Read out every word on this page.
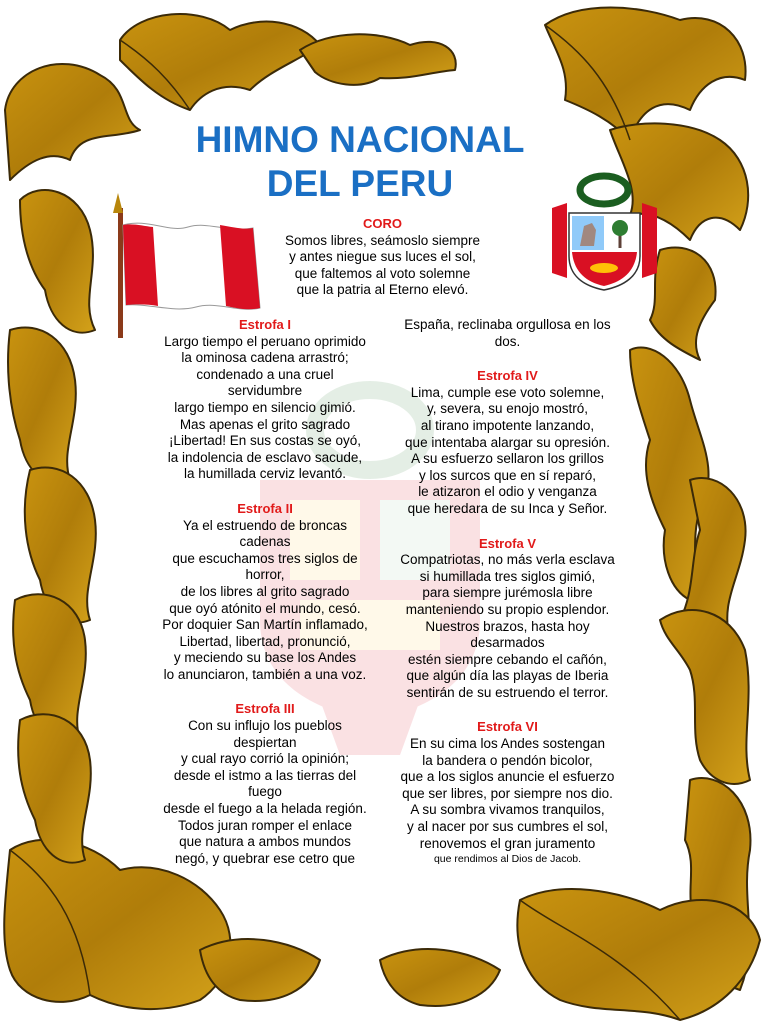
HIMNO NACIONAL
DEL PERU
CORO
Somos libres, seámoslo siempre
y antes niegue sus luces el sol,
que faltemos al voto solemne
que la patria al Eterno elevó.
Estrofa I
Largo tiempo el peruano oprimido
la ominosa cadena arrastró;
condenado a una cruel
servidumbre
largo tiempo en silencio gimió.
Mas apenas el grito sagrado
¡Libertad! En sus costas se oyó,
la indolencia de esclavo sacude,
la humillada cerviz levantó.
Estrofa II
Ya el estruendo de broncas
cadenas
que escuchamos tres siglos de
horror,
de los libres al grito sagrado
que oyó atónito el mundo, cesó.
Por doquier San Martín inflamado,
Libertad, libertad, pronunció,
y meciendo su base los Andes
lo anunciaron, también a una voz.
Estrofa III
Con su influjo los pueblos
despiertan
y cual rayo corrió la opinión;
desde el istmo a las tierras del
fuego
desde el fuego a la helada región.
Todos juran romper el enlace
que natura a ambos mundos
negó, y quebrar ese cetro que
España, reclinaba orgullosa en los
dos.
Estrofa IV
Lima, cumple ese voto solemne,
y, severa, su enojo mostró,
al tirano impotente lanzando,
que intentaba alargar su opresión.
A su esfuerzo sellaron los grillos
y los surcos que en sí reparó,
le atizaron el odio y venganza
que heredara de su Inca y Señor.
Estrofa V
Compatriotas, no más verla esclava
si humillada tres siglos gimió,
para siempre jurémosla libre
manteniendo su propio esplendor.
Nuestros brazos, hasta hoy
desarmados
estén siempre cebando el cañón,
que algún día las playas de Iberia
sentirán de su estruendo el terror.
Estrofa VI
En su cima los Andes sostengan
la bandera o pendón bicolor,
que a los siglos anuncie el esfuerzo
que ser libres, por siempre nos dio.
A su sombra vivamos tranquilos,
y al nacer por sus cumbres el sol,
renovemos el gran juramento
que rendimos al Dios de Jacob.
